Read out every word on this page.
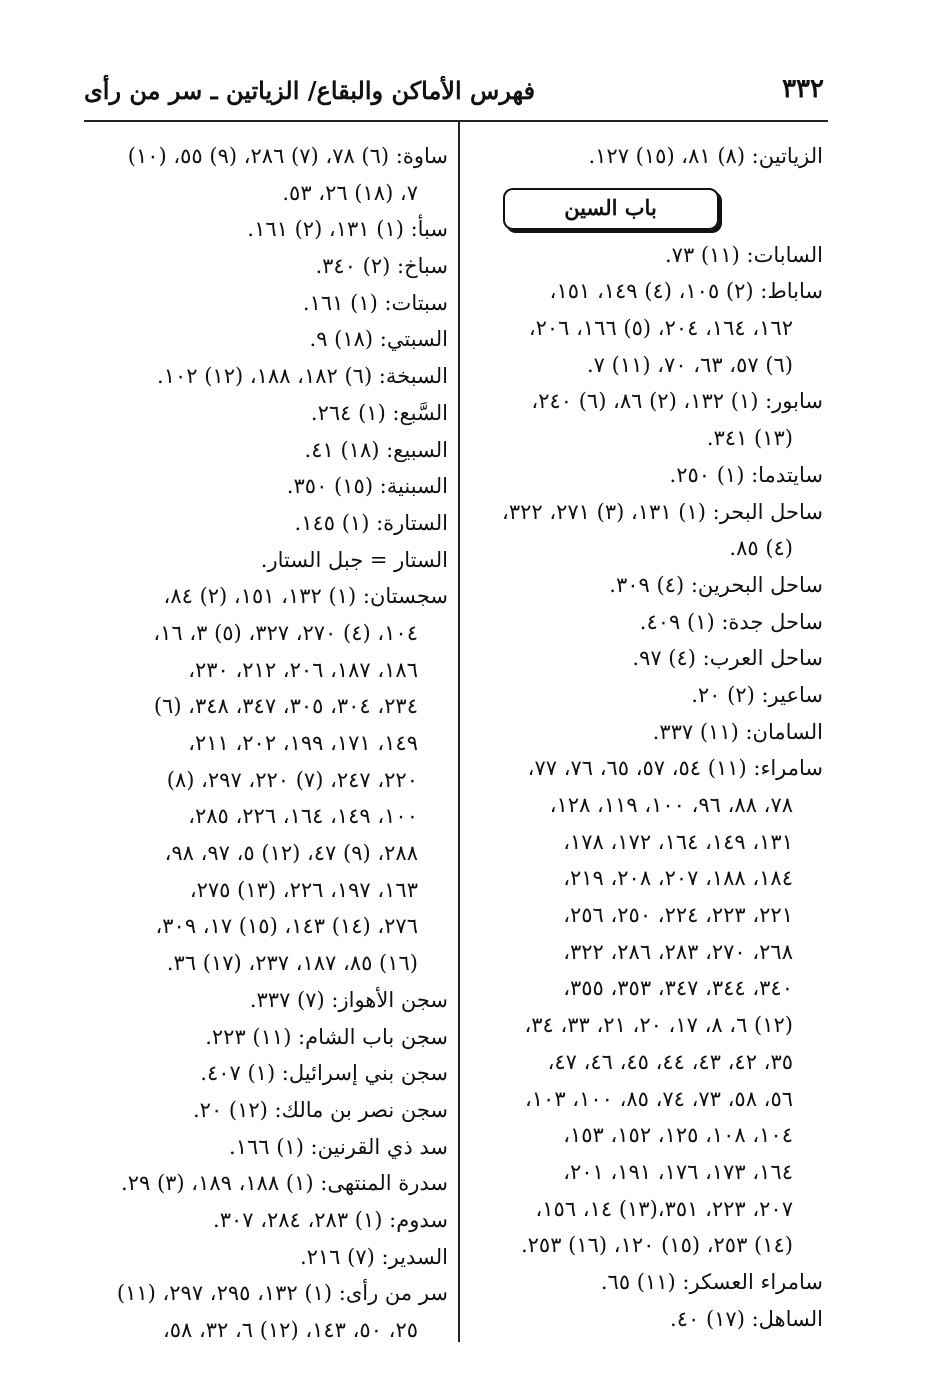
٣٣٢
فهرس الأماكن والبقاع/ الزياتين ـ سر من رأى
الزياتين: (٨) ٨١، (١٥) ١٢٧.
باب السين
السابات: (١١) ٧٣.
ساباط: (٢) ١٠٥، (٤) ١٤٩، ١٥١،
١٦٢، ١٦٤، ٢٠٤، (٥) ١٦٦، ٢٠٦،
(٦) ٥٧، ٦٣، ٧٠، (١١) ٧.
سابور: (١) ١٣٢، (٢) ٨٦، (٦) ٢٤٠،
(١٣) ٣٤١.
سايتدما: (١) ٢٥٠.
ساحل البحر: (١) ١٣١، (٣) ٢٧١، ٣٢٢،
(٤) ٨٥.
ساحل البحرين: (٤) ٣٠٩.
ساحل جدة: (١) ٤٠٩.
ساحل العرب: (٤) ٩٧.
ساعير: (٢) ٢٠.
السامان: (١١) ٣٣٧.
سامراء: (١١) ٥٤، ٥٧، ٦٥، ٧٦، ٧٧،
٧٨، ٨٨، ٩٦، ١٠٠، ١١٩، ١٢٨،
١٣١، ١٤٩، ١٦٤، ١٧٢، ١٧٨،
١٨٤، ١٨٨، ٢٠٧، ٢٠٨، ٢١٩،
٢٢١، ٢٢٣، ٢٢٤، ٢٥٠، ٢٥٦،
٢٦٨، ٢٧٠، ٢٨٣، ٢٨٦، ٣٢٢،
٣٤٠، ٣٤٤، ٣٤٧، ٣٥٣، ٣٥٥،
(١٢) ٦، ٨، ١٧، ٢٠، ٢١، ٣٣، ٣٤،
٣٥، ٤٢، ٤٣، ٤٤، ٤٥، ٤٦، ٤٧،
٥٦، ٥٨، ٧٣، ٧٤، ٨٥، ١٠٠، ١٠٣،
١٠٤، ١٠٨، ١٢٥، ١٥٢، ١٥٣،
١٦٤، ١٧٣، ١٧٦، ١٩١، ٢٠١،
٢٠٧، ٢٢٣، ٣٥١،(١٣) ١٤، ١٥٦،
(١٤) ٢٥٣، (١٥) ١٢٠، (١٦) ٢٥٣.
سامراء العسكر: (١١) ٦٥.
الساهل: (١٧) ٤٠.
ساوة: (٦) ٧٨، (٧) ٢٨٦، (٩) ٥٥، (١٠)
٧، (١٨) ٢٦، ٥٣.
سبأ: (١) ١٣١، (٢) ١٦١.
سباخ: (٢) ٣٤٠.
سبتات: (١) ١٦١.
السبتي: (١٨) ٩.
السبخة: (٦) ١٨٢، ١٨٨، (١٢) ١٠٢.
السَّبع: (١) ٢٦٤.
السبيع: (١٨) ٤١.
السبنية: (١٥) ٣٥٠.
الستارة: (١) ١٤٥.
الستار = جبل الستار.
سجستان: (١) ١٣٢، ١٥١، (٢) ٨٤،
١٠٤، (٤) ٢٧٠، ٣٢٧، (٥) ٣، ١٦،
١٨٦، ١٨٧، ٢٠٦، ٢١٢، ٢٣٠،
٢٣٤، ٣٠٤، ٣٠٥، ٣٤٧، ٣٤٨، (٦)
١٤٩، ١٧١، ١٩٩، ٢٠٢، ٢١١،
٢٢٠، ٢٤٧، (٧) ٢٢٠، ٢٩٧، (٨)
١٠٠، ١٤٩، ١٦٤، ٢٢٦، ٢٨٥،
٢٨٨، (٩) ٤٧، (١٢) ٥، ٩٧، ٩٨،
١٦٣، ١٩٧، ٢٢٦، (١٣) ٢٧٥،
٢٧٦، (١٤) ١٤٣، (١٥) ١٧، ٣٠٩،
(١٦) ٨٥، ١٨٧، ٢٣٧، (١٧) ٣٦.
سجن الأهواز: (٧) ٣٣٧.
سجن باب الشام: (١١) ٢٢٣.
سجن بني إسرائيل: (١) ٤٠٧.
سجن نصر بن مالك: (١٢) ٢٠.
سد ذي القرنين: (١) ١٦٦.
سدرة المنتهى: (١) ١٨٨، ١٨٩، (٣) ٢٩.
سدوم: (١) ٢٨٣، ٢٨٤، ٣٠٧.
السدير: (٧) ٢١٦.
سر من رأى: (١) ١٣٢، ٢٩٥، ٢٩٧، (١١)
٢٥، ٥٠، ١٤٣، (١٢) ٦، ٣٢، ٥٨،
